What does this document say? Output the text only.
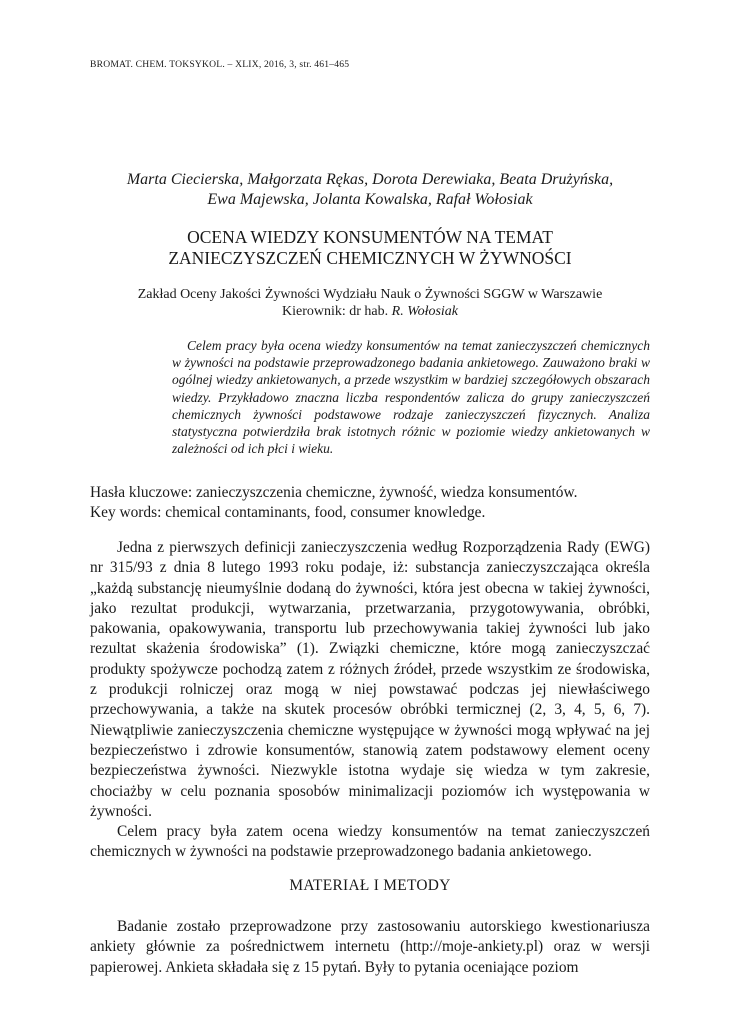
BROMAT. CHEM. TOKSYKOL. – XLIX, 2016, 3, str. 461–465
Marta Ciecierska, Małgorzata Rękas, Dorota Derewiaka, Beata Drużyńska,
Ewa Majewska, Jolanta Kowalska, Rafał Wołosiak
OCENA WIEDZY KONSUMENTÓW NA TEMAT
ZANIECZYSZCZEŃ CHEMICZNYCH W ŻYWNOŚCI
Zakład Oceny Jakości Żywności Wydziału Nauk o Żywności SGGW w Warszawie
Kierownik: dr hab. R. Wołosiak
Celem pracy była ocena wiedzy konsumentów na temat zanieczyszczeń chemicznych w żywności na podstawie przeprowadzonego badania ankietowego. Zauważono braki w ogólnej wiedzy ankietowanych, a przede wszystkim w bardziej szczegółowych obszarach wiedzy. Przykładowo znaczna liczba respondentów zalicza do grupy zanieczyszczeń chemicznych żywności podstawowe rodzaje zanieczyszczeń fizycznych. Analiza statystyczna potwierdziła brak istotnych różnic w poziomie wiedzy ankietowanych w zależności od ich płci i wieku.
Hasła kluczowe: zanieczyszczenia chemiczne, żywność, wiedza konsumentów.
Key words: chemical contaminants, food, consumer knowledge.

Jedna z pierwszych definicji zanieczyszczenia według Rozporządzenia Rady (EWG) nr 315/93 z dnia 8 lutego 1993 roku podaje, iż: substancja zanieczyszczająca określa „każdą substancję nieumyślnie dodaną do żywności, która jest obecna w takiej żywności, jako rezultat produkcji, wytwarzania, przetwarzania, przygotowywania, obróbki, pakowania, opakowywania, transportu lub przechowywania takiej żywności lub jako rezultat skażenia środowiska” (1). Związki chemiczne, które mogą zanieczyszczać produkty spożywcze pochodzą zatem z różnych źródeł, przede wszystkim ze środowiska, z produkcji rolniczej oraz mogą w niej powstawać podczas jej niewłaściwego przechowywania, a także na skutek procesów obróbki termicznej (2, 3, 4, 5, 6, 7). Niewątpliwie zanieczyszczenia chemiczne występujące w żywności mogą wpływać na jej bezpieczeństwo i zdrowie konsumentów, stanowią zatem podstawowy element oceny bezpieczeństwa żywności. Niezwykle istotna wydaje się wiedza w tym zakresie, chociażby w celu poznania sposobów minimalizacji poziomów ich występowania w żywności.

Celem pracy była zatem ocena wiedzy konsumentów na temat zanieczyszczeń chemicznych w żywności na podstawie przeprowadzonego badania ankietowego.

MATERIAŁ I METODY

Badanie zostało przeprowadzone przy zastosowaniu autorskiego kwestionariusza ankiety głównie za pośrednictwem internetu (http://moje-ankiety.pl) oraz w wersji papierowej. Ankieta składała się z 15 pytań. Były to pytania oceniające poziom
